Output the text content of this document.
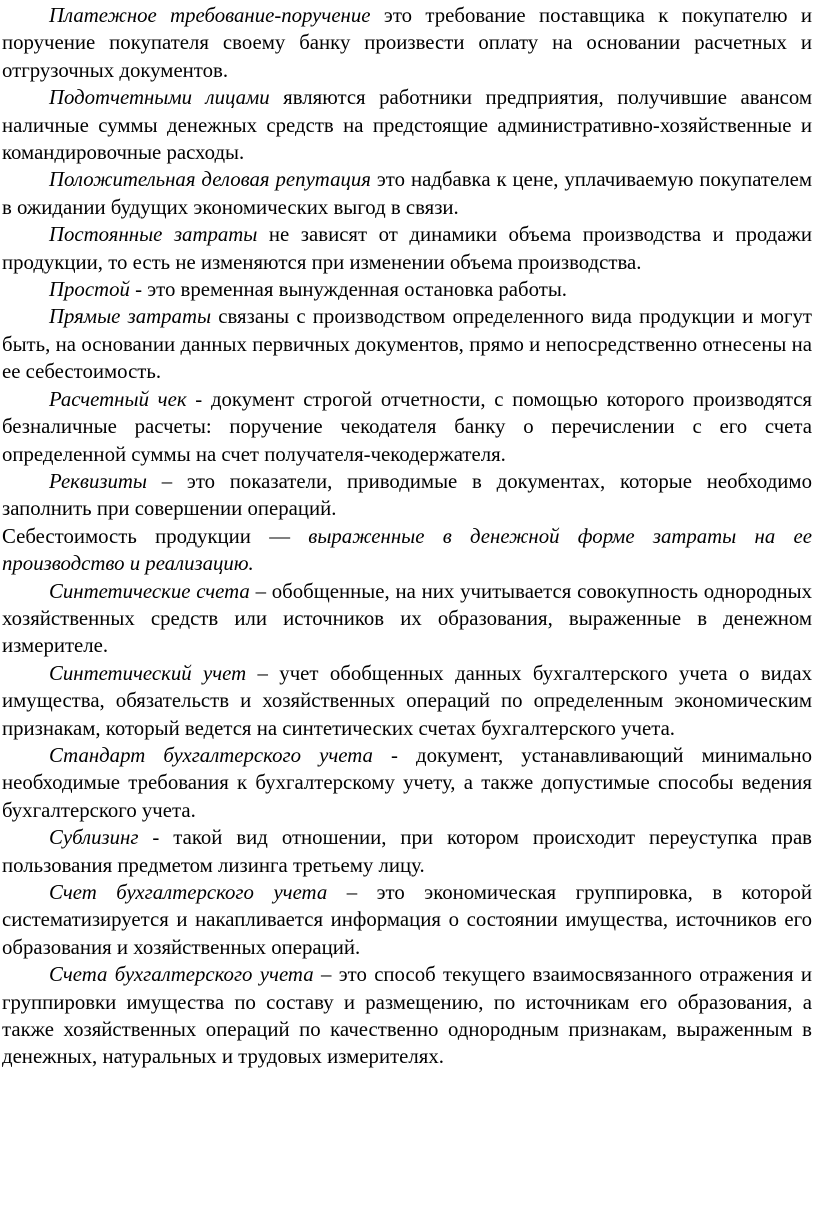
Платежное требование-поручение это требование поставщика к покупателю и поручение покупателя своему банку произвести оплату на основании расчетных и отгрузочных документов.

Подотчетными лицами являются работники предприятия, получившие авансом наличные суммы денежных средств на предстоящие административно-хозяйственные и командировочные расходы.

Положительная деловая репутация это надбавка к цене, уплачиваемую покупателем в ожидании будущих экономических выгод в связи.

Постоянные затраты не зависят от динамики объема производства и продажи продукции, то есть не изменяются при изменении объема производства.

Простой - это временная вынужденная остановка работы.

Прямые затраты связаны с производством определенного вида продукции и могут быть, на основании данных первичных документов, прямо и непосредственно отнесены на ее себестоимость.

Расчетный чек - документ строгой отчетности, с помощью которого производятся безналичные расчеты: поручение чекодателя банку о перечислении с его счета определенной суммы на счет получателя-чекодержателя.

Реквизиты – это показатели, приводимые в документах, которые необходимо заполнить при совершении операций.

Себестоимость продукции — выраженные в денежной форме затраты на ее производство и реализацию.

Синтетические счета – обобщенные, на них учитывается совокупность однородных хозяйственных средств или источников их образования, выраженные в денежном измерителе.

Синтетический учет – учет обобщенных данных бухгалтерского учета о видах имущества, обязательств и хозяйственных операций по определенным экономическим признакам, который ведется на синтетических счетах бухгалтерского учета.

Стандарт бухгалтерского учета - документ, устанавливающий минимально необходимые требования к бухгалтерскому учету, а также допустимые способы ведения бухгалтерского учета.

Сублизинг - такой вид отношении, при котором происходит переуступка прав пользования предметом лизинга третьему лицу.

Счет бухгалтерского учета – это экономическая группировка, в которой систематизируется и накапливается информация о состоянии имущества, источников его образования и хозяйственных операций.

Счета бухгалтерского учета – это способ текущего взаимосвязанного отражения и группировки имущества по составу и размещению, по источникам его образования, а также хозяйственных операций по качественно однородным признакам, выраженным в денежных, натуральных и трудовых измерителях.
